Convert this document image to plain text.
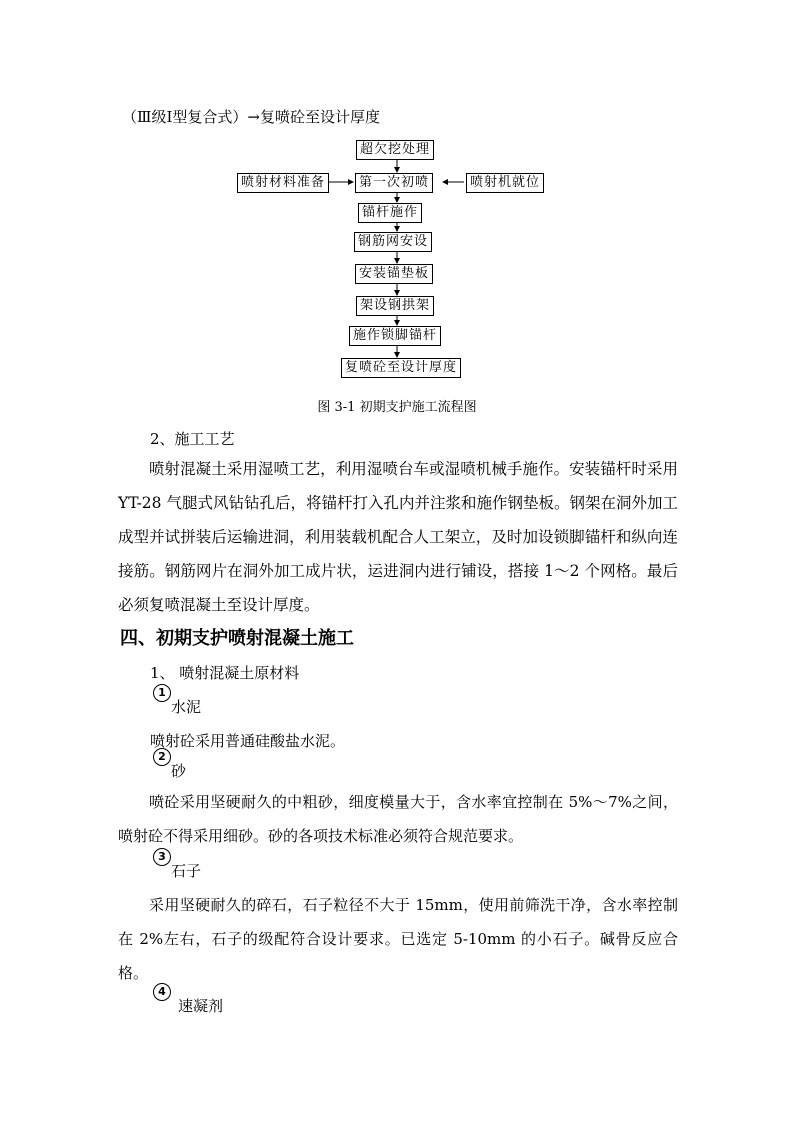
（Ⅲ级Ⅰ型复合式）→复喷砼至设计厚度
超欠挖处理
喷射材料准备	第一次初喷	喷射机就位
锚杆施作
钢筋网安设
安装锚垫板
架设钢拱架
施作锁脚锚杆
复喷砼至设计厚度
图 3-1 初期支护施工流程图
2、施工工艺

喷射混凝土采用湿喷工艺，利用湿喷台车或湿喷机械手施作。安装锚杆时采用 YT-28 气腿式风钻钻孔后，将锚杆打入孔内并注浆和施作钢垫板。钢架在洞外加工成型并试拼装后运输进洞，利用装载机配合人工架立，及时加设锁脚锚杆和纵向连接筋。钢筋网片在洞外加工成片状，运进洞内进行铺设，搭接 1～2 个网格。最后必须复喷混凝土至设计厚度。

四、初期支护喷射混凝土施工
1、 喷射混凝土原材料
1
水泥
喷射砼采用普通硅酸盐水泥。
2
砂

喷砼采用坚硬耐久的中粗砂，细度模量大于，含水率宜控制在 5%～7%之间，喷射砼不得采用细砂。砂的各项技术标准必须符合规范要求。

3
石子

采用坚硬耐久的碎石，石子粒径不大于 15mm，使用前筛洗干净，含水率控制在 2%左右，石子的级配符合设计要求。已选定 5-10mm 的小石子。碱骨反应合格。

4
速凝剂
